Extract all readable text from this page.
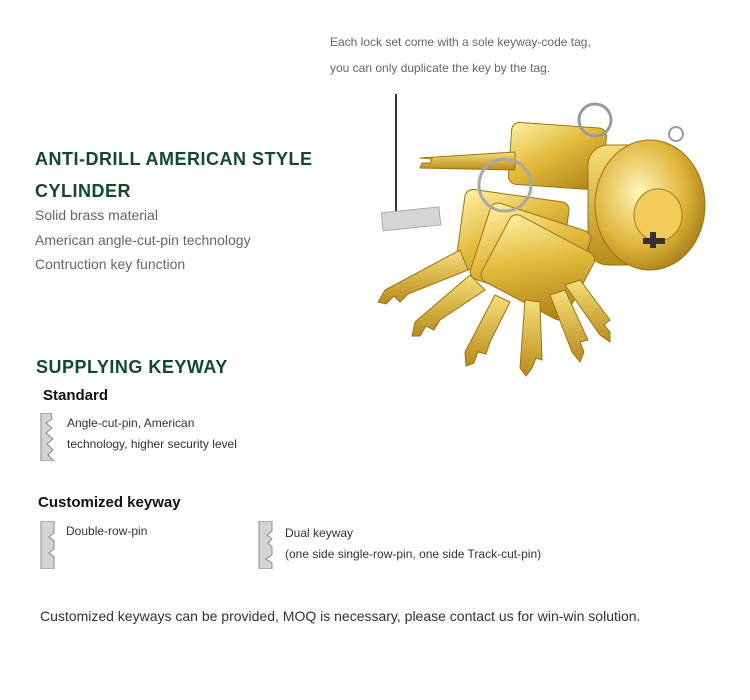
Each lock set come with a sole keyway-code tag,
you can only duplicate the key by the tag.
ANTI-DRILL AMERICAN STYLE
CYLINDER
Solid brass material
American angle-cut-pin technology
Contruction key function
SUPPLYING KEYWAY
Standard
Angle-cut-pin, American
technology, higher security level
Customized keyway
Double-row-pin	Dual keyway
(one side single-row-pin, one side Track-cut-pin)
Customized keyways can be provided, MOQ is necessary, please contact us for win-win solution.
